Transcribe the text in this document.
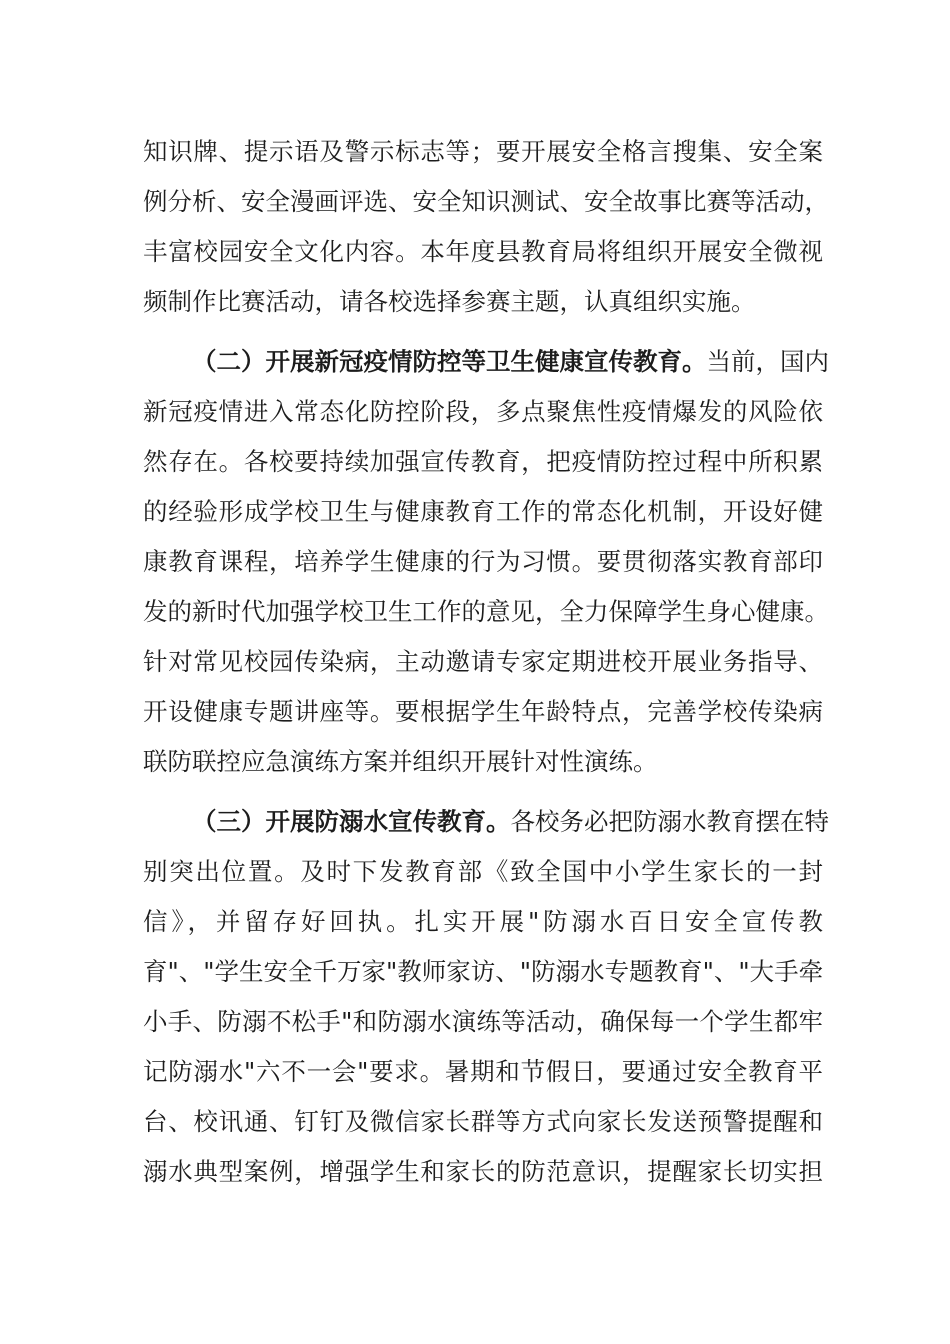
知识牌、提示语及警示标志等；要开展安全格言搜集、安全案
例分析、安全漫画评选、安全知识测试、安全故事比赛等活动，
丰富校园安全文化内容。本年度县教育局将组织开展安全微视
频制作比赛活动，请各校选择参赛主题，认真组织实施。
（二）开展新冠疫情防控等卫生健康宣传教育。当前，国内
新冠疫情进入常态化防控阶段，多点聚焦性疫情爆发的风险依
然存在。各校要持续加强宣传教育，把疫情防控过程中所积累
的经验形成学校卫生与健康教育工作的常态化机制，开设好健
康教育课程，培养学生健康的行为习惯。要贯彻落实教育部印
发的新时代加强学校卫生工作的意见，全力保障学生身心健康。
针对常见校园传染病，主动邀请专家定期进校开展业务指导、
开设健康专题讲座等。要根据学生年龄特点，完善学校传染病
联防联控应急演练方案并组织开展针对性演练。
（三）开展防溺水宣传教育。各校务必把防溺水教育摆在特
别突出位置。及时下发教育部《致全国中小学生家长的一封
信》，并留存好回执。扎实开展"防溺水百日安全宣传教
育"、"学生安全千万家"教师家访、"防溺水专题教育"、"大手牵
小手、防溺不松手"和防溺水演练等活动，确保每一个学生都牢
记防溺水"六不一会"要求。暑期和节假日，要通过安全教育平
台、校讯通、钉钉及微信家长群等方式向家长发送预警提醒和
溺水典型案例，增强学生和家长的防范意识，提醒家长切实担
